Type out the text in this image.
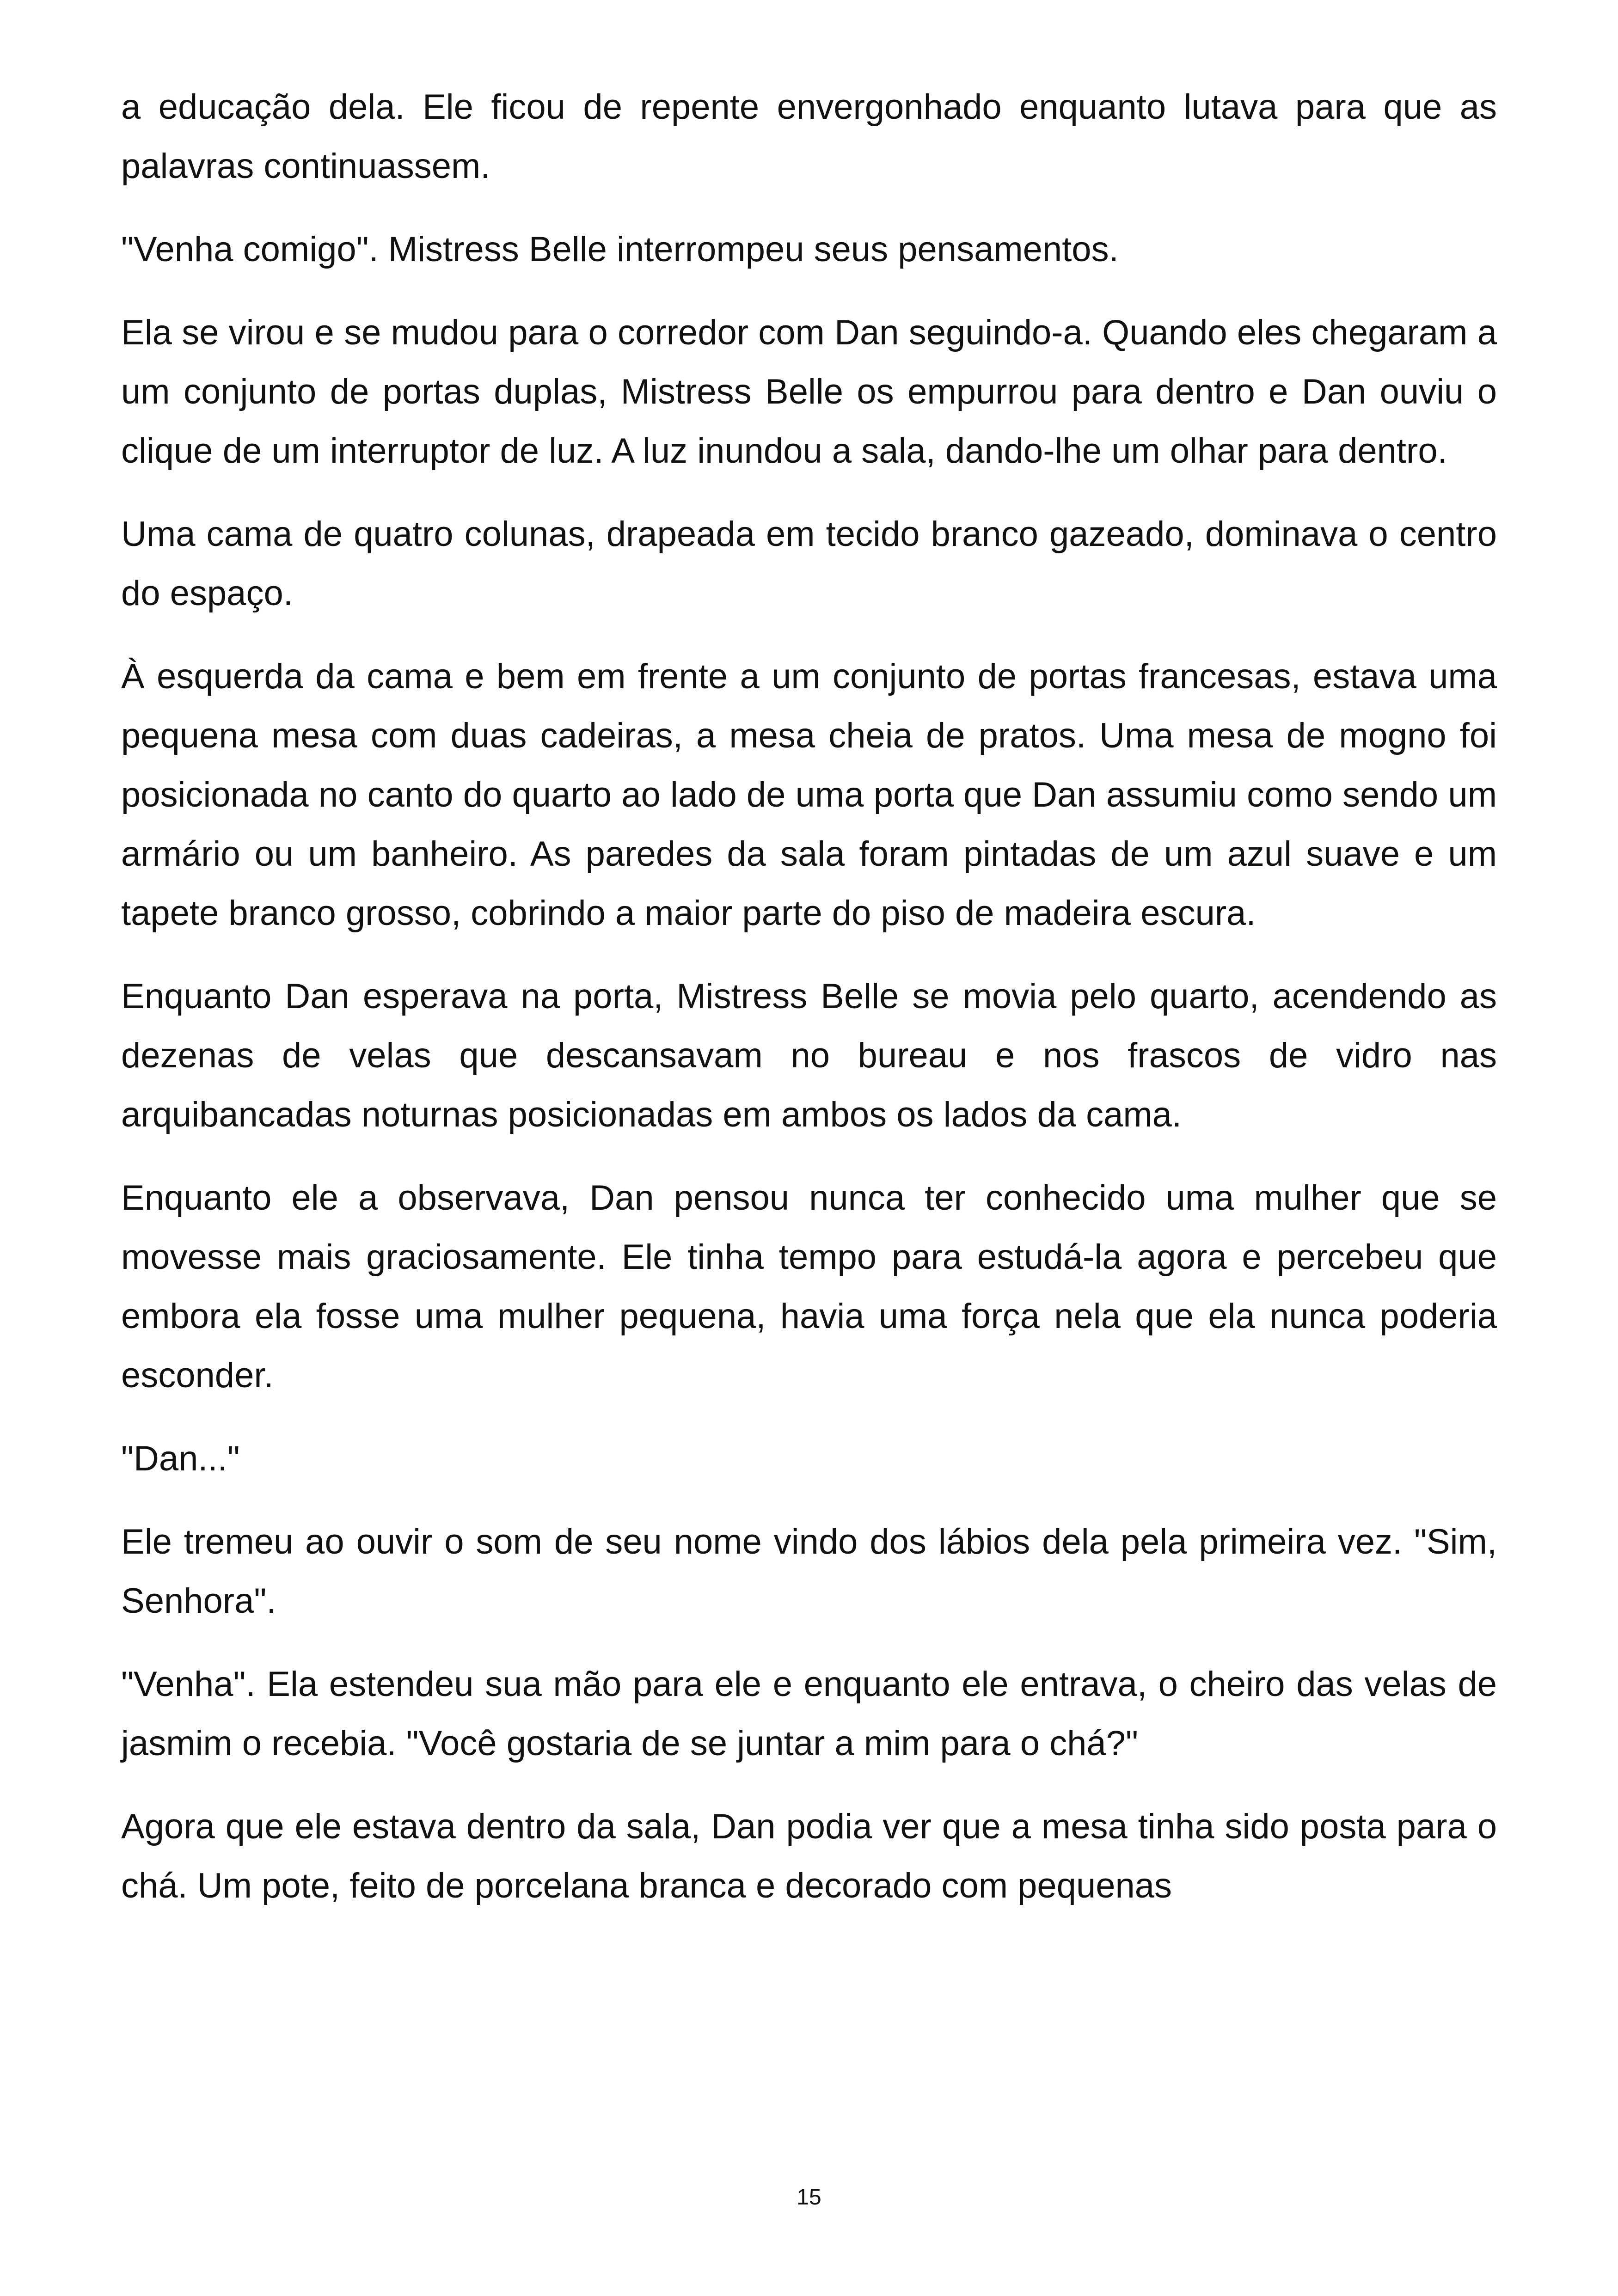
a educação dela. Ele ficou de repente envergonhado enquanto lutava para que as palavras continuassem.

"Venha comigo". Mistress Belle interrompeu seus pensamentos.

Ela se virou e se mudou para o corredor com Dan seguindo-a. Quando eles chegaram a um conjunto de portas duplas, Mistress Belle os empurrou para dentro e Dan ouviu o clique de um interruptor de luz. A luz inundou a sala, dando-lhe um olhar para dentro.

Uma cama de quatro colunas, drapeada em tecido branco gazeado, dominava o centro do espaço.

À esquerda da cama e bem em frente a um conjunto de portas francesas, estava uma pequena mesa com duas cadeiras, a mesa cheia de pratos. Uma mesa de mogno foi posicionada no canto do quarto ao lado de uma porta que Dan assumiu como sendo um armário ou um banheiro. As paredes da sala foram pintadas de um azul suave e um tapete branco grosso, cobrindo a maior parte do piso de madeira escura.

Enquanto Dan esperava na porta, Mistress Belle se movia pelo quarto, acendendo as dezenas de velas que descansavam no bureau e nos frascos de vidro nas arquibancadas noturnas posicionadas em ambos os lados da cama.

Enquanto ele a observava, Dan pensou nunca ter conhecido uma mulher que se movesse mais graciosamente. Ele tinha tempo para estudá-la agora e percebeu que embora ela fosse uma mulher pequena, havia uma força nela que ela nunca poderia esconder.

"Dan..."

Ele tremeu ao ouvir o som de seu nome vindo dos lábios dela pela primeira vez. "Sim, Senhora".

"Venha". Ela estendeu sua mão para ele e enquanto ele entrava, o cheiro das velas de jasmim o recebia. "Você gostaria de se juntar a mim para o chá?"

Agora que ele estava dentro da sala, Dan podia ver que a mesa tinha sido posta para o chá. Um pote, feito de porcelana branca e decorado com pequenas

15
